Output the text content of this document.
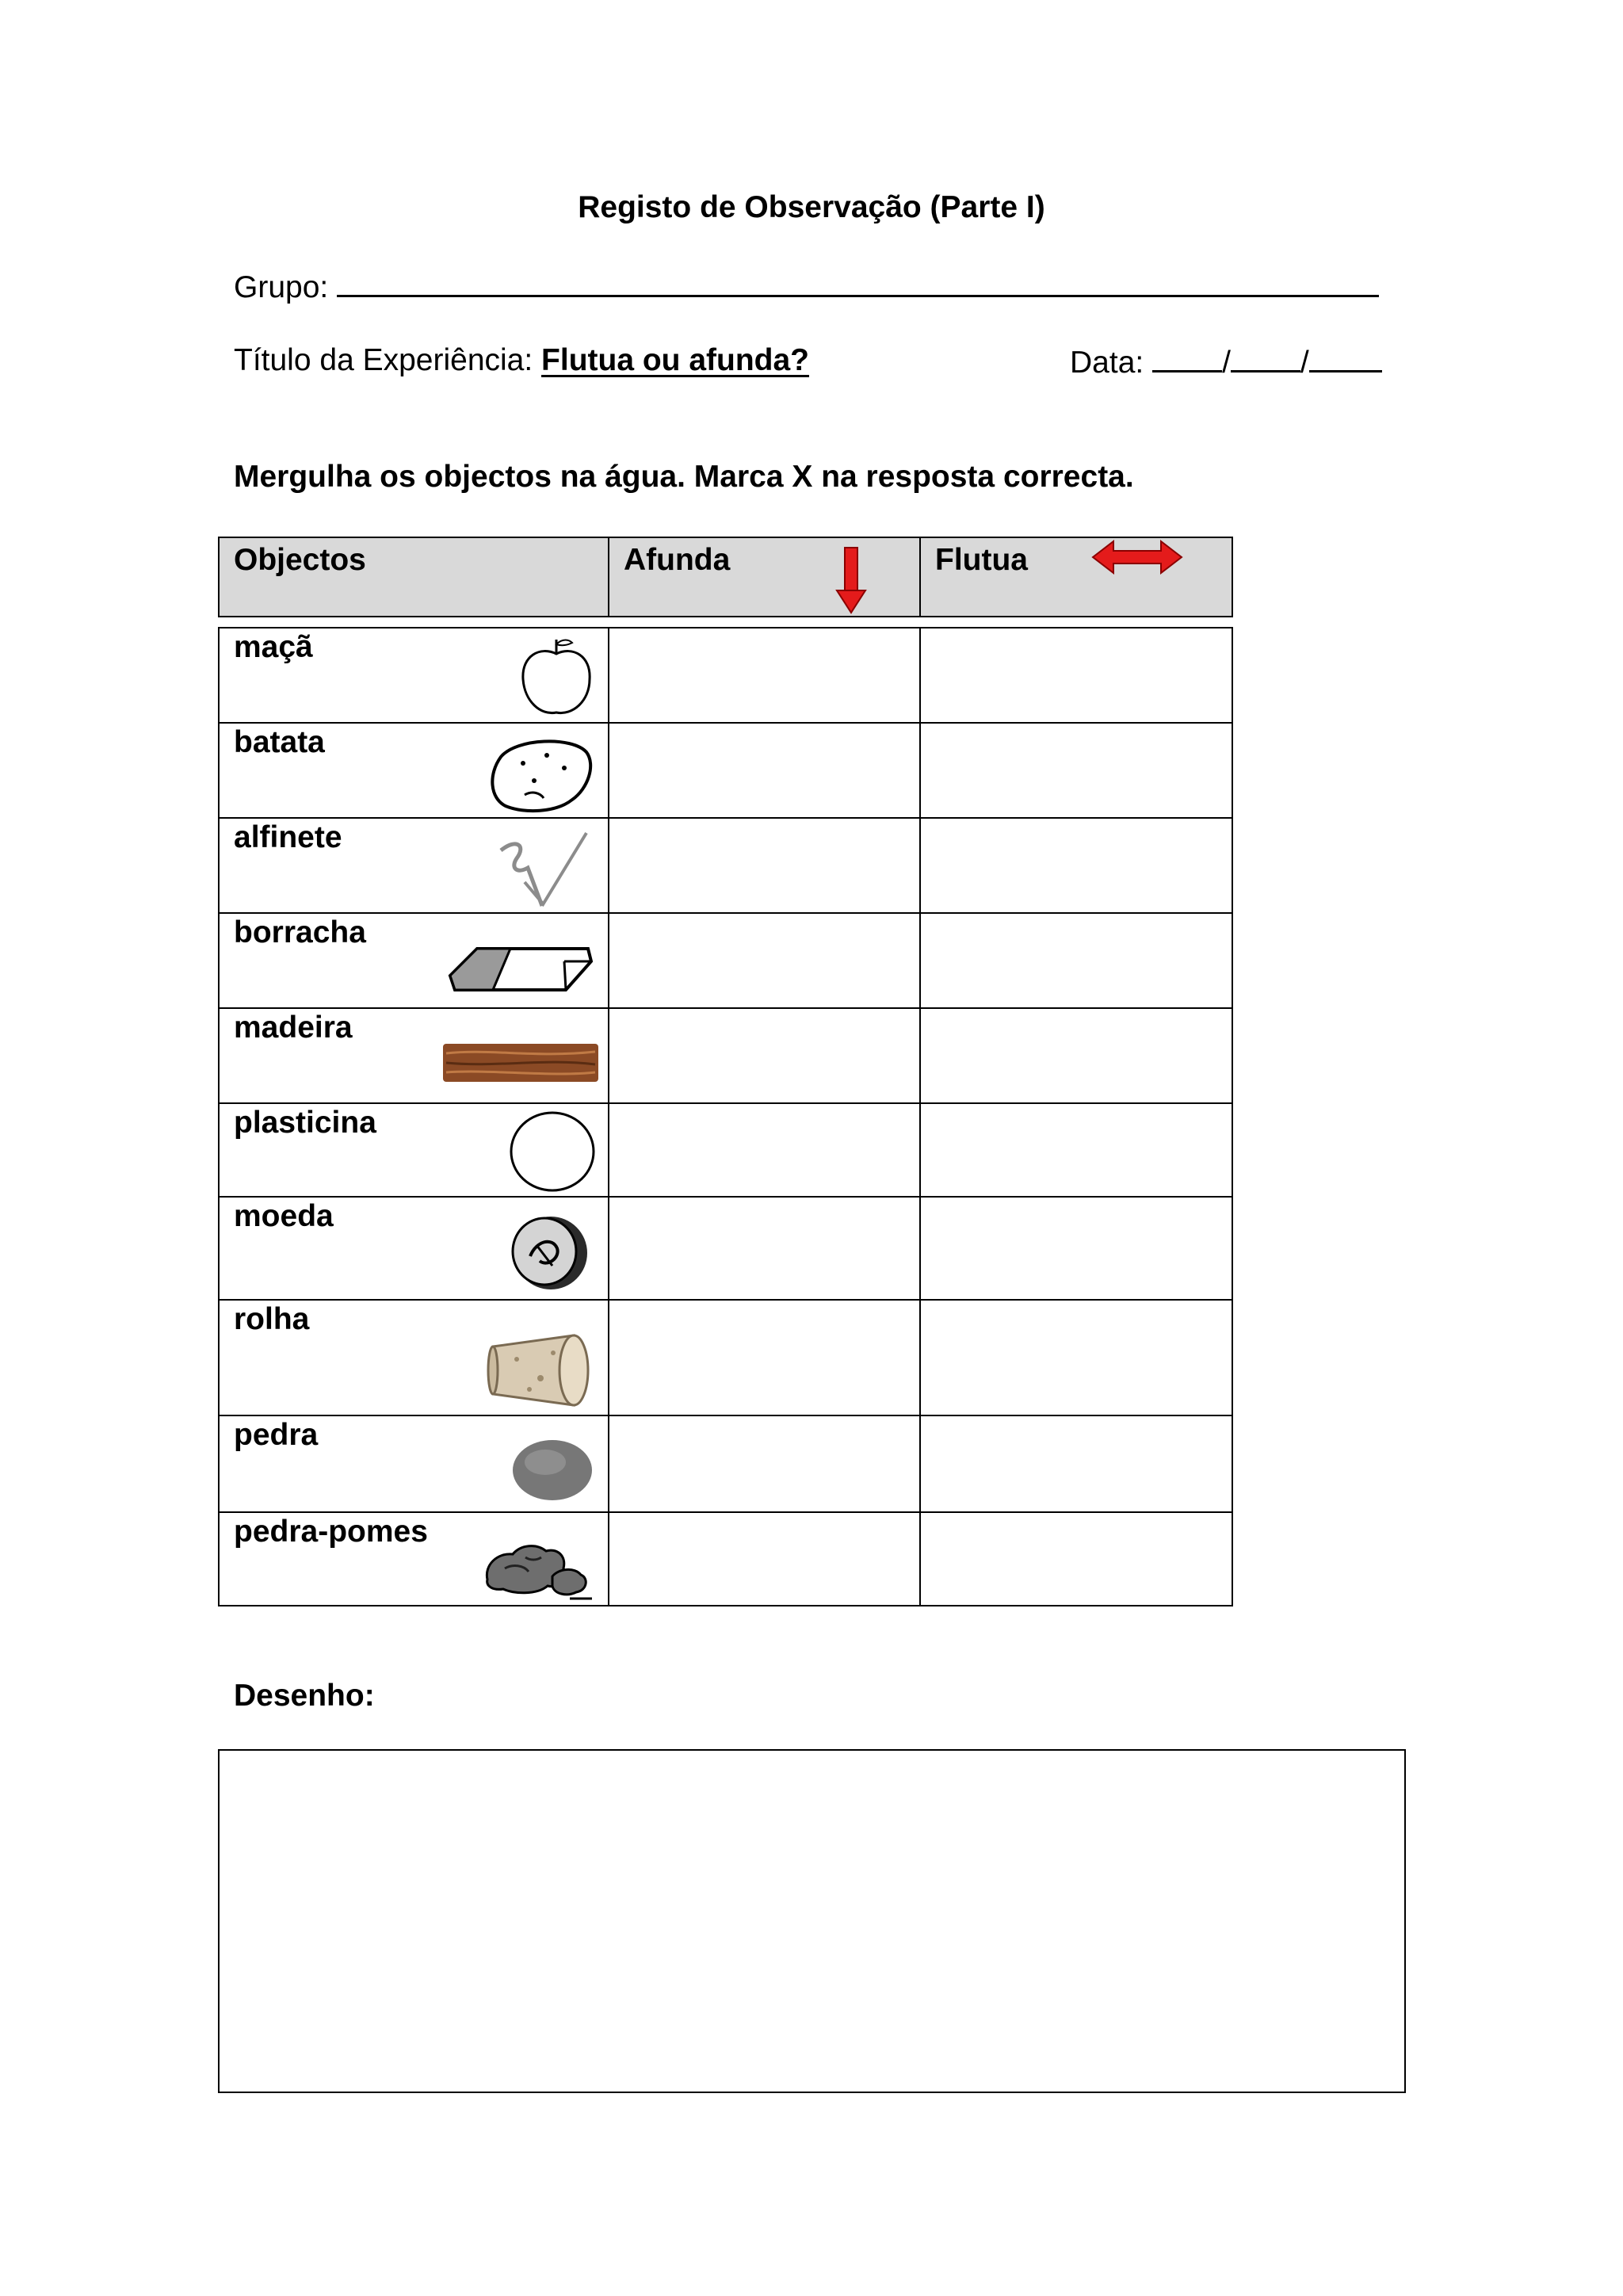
Registo de Observação (Parte I)
Grupo:
Título da Experiência: Flutua ou afunda?	Data:	/ /
Mergulha os objectos na água. Marca X na resposta correcta.
Objectos	Afunda	Flutua
maçã
batata
alfinete
borracha
madeira
plasticina
moeda
rolha
pedra
pedra-pomes
Desenho:
